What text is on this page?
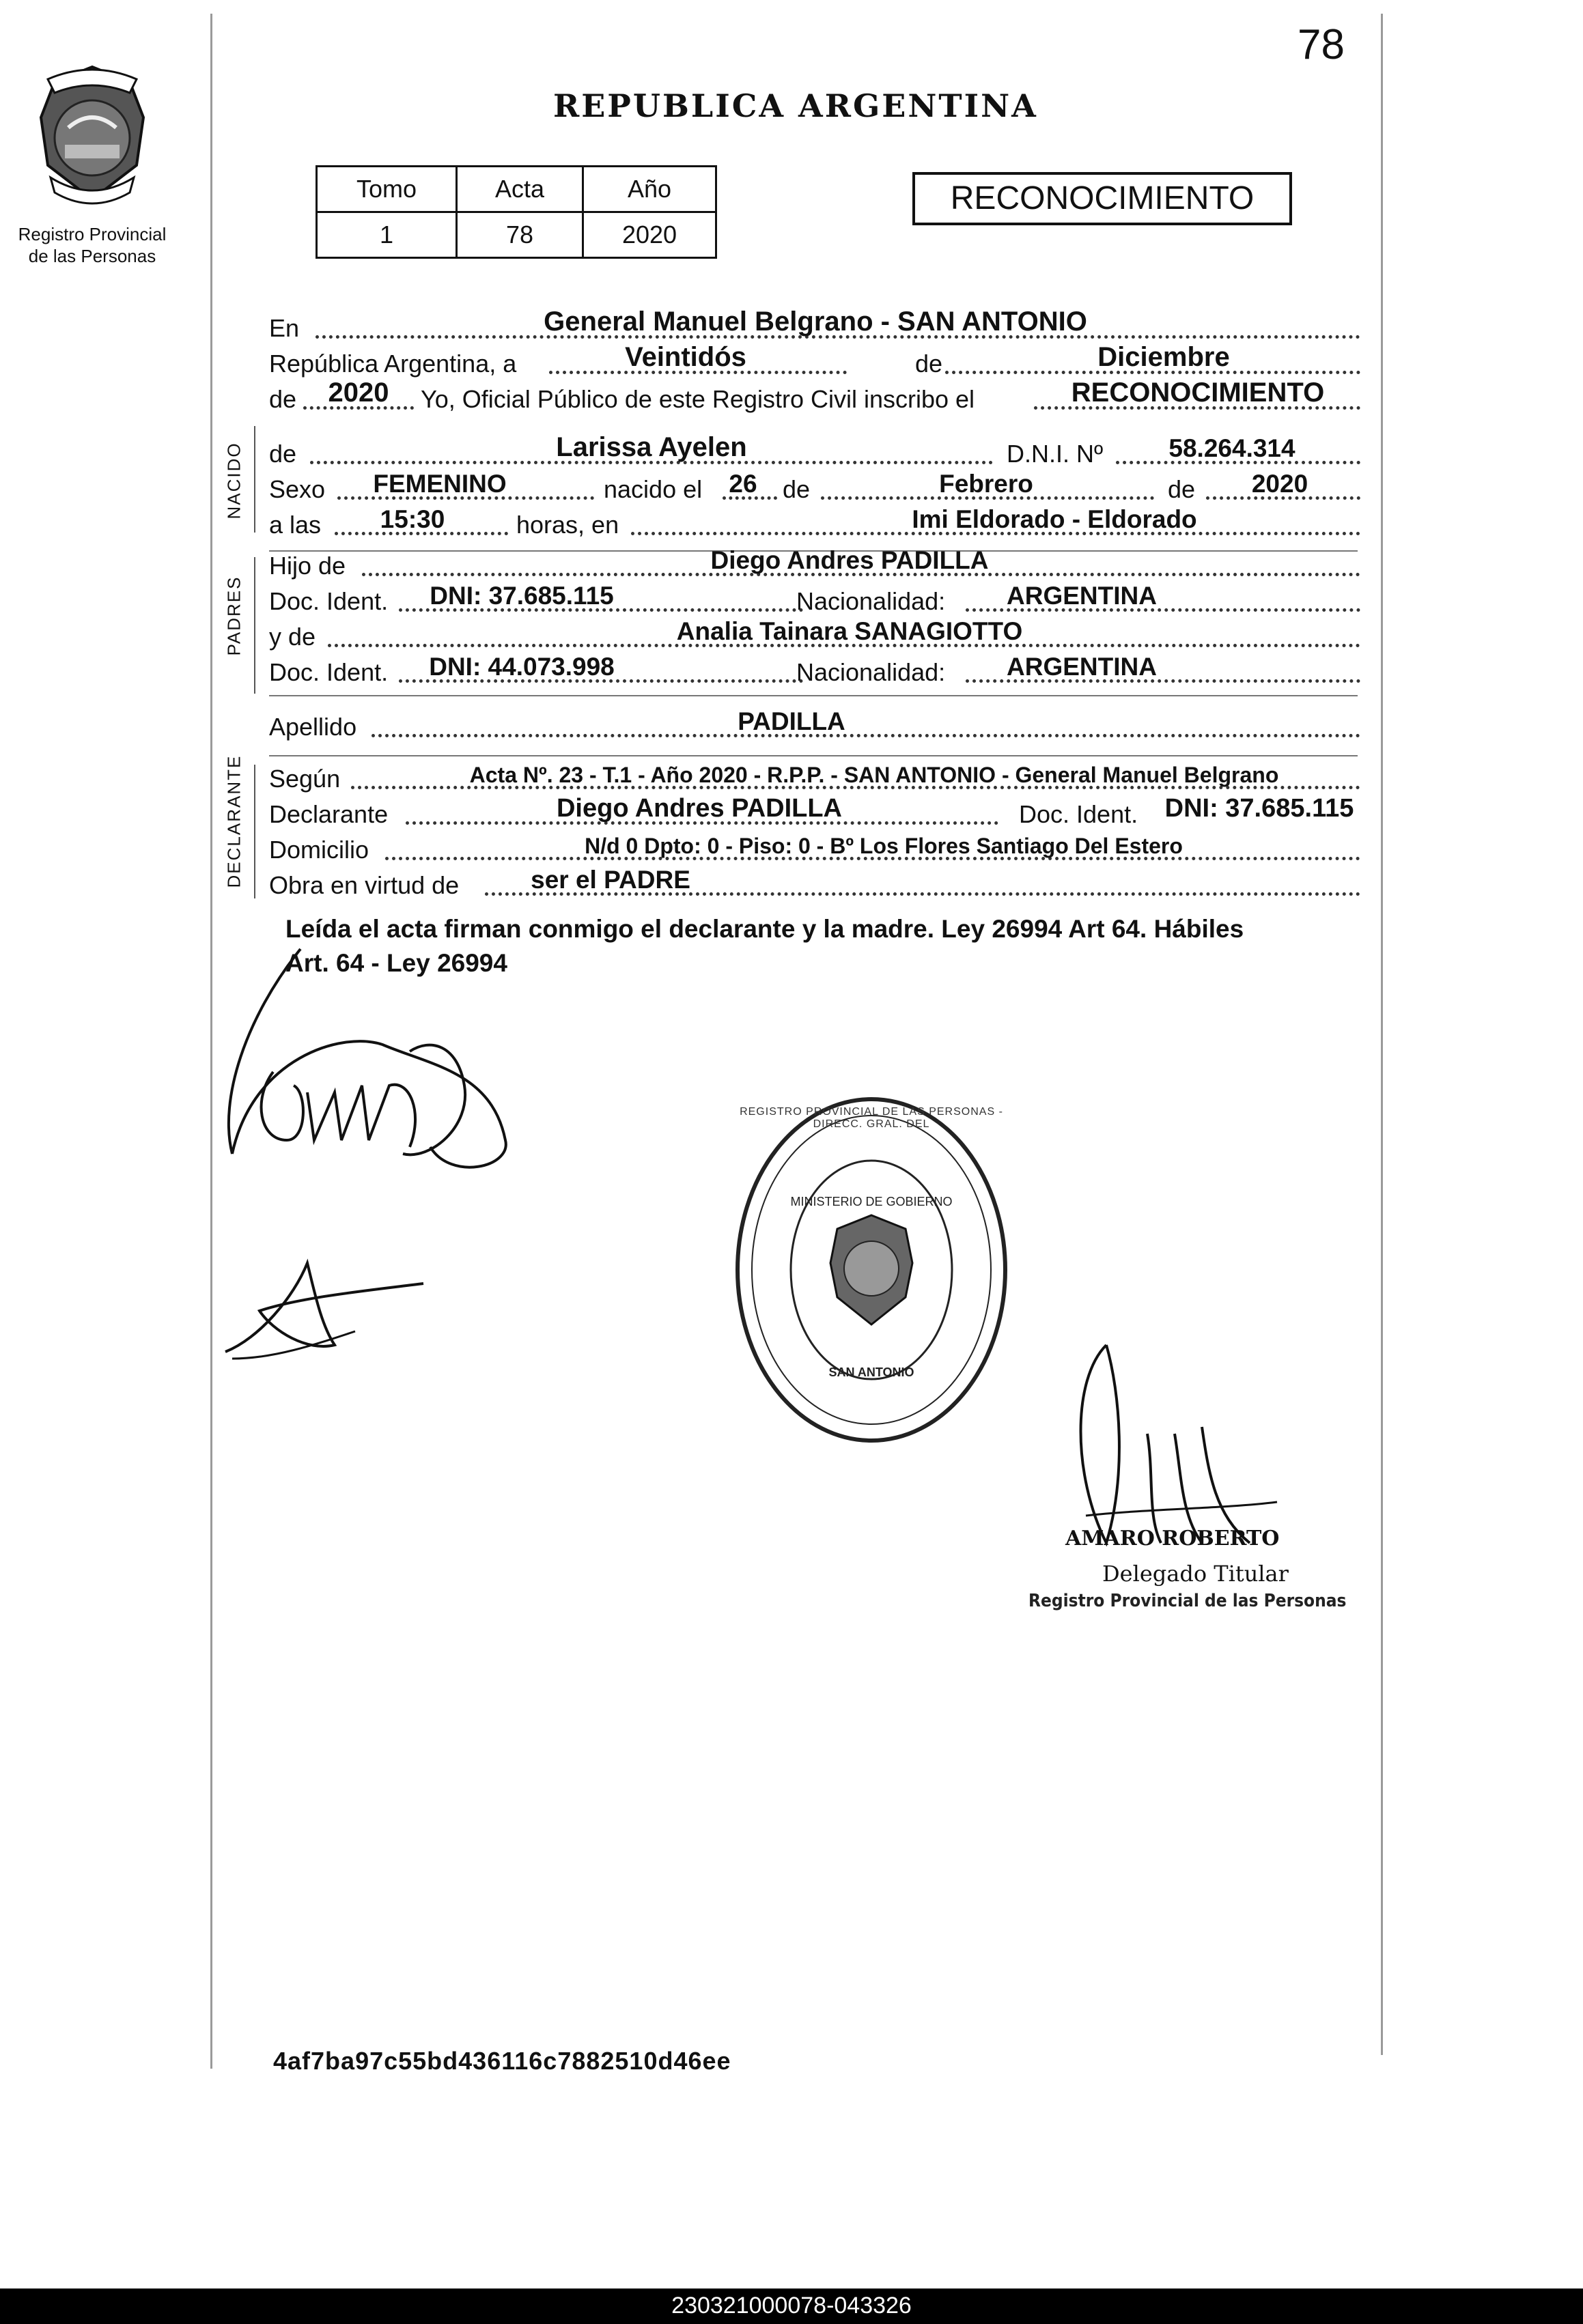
78
Registro Provincial
de las Personas
REPUBLICA ARGENTINA
Tomo	Acta	Año
1	78	2020
RECONOCIMIENTO
En	General Manuel Belgrano - SAN ANTONIO
República Argentina, a	Veintidós	de	Diciembre
de	2020	Yo, Oficial Público de este Registro Civil inscribo el	RECONOCIMIENTO
NACIDO de	Larissa Ayelen	D.N.I. Nº	58.264.314
Sexo	FEMENINO	nacido el 26 de	Febrero	de	2020
a las	15:30	horas, en	Imi Eldorado - Eldorado
PADRES
Hijo de	Diego Andres PADILLA
Doc. Ident.	DNI: 37.685.115	Nacionalidad:	ARGENTINA
y de	Analia Tainara SANAGIOTTO
Doc. Ident.	DNI: 44.073.998	Nacionalidad:	ARGENTINA
Apellido	PADILLA
DECLARANTE Según	Acta Nº. 23 - T.1 - Año 2020 - R.P.P. - SAN ANTONIO - General Manuel Belgrano
Declarante	Diego Andres PADILLA	Doc. Ident.	DNI: 37.685.115
Domicilio	N/d 0 Dpto: 0 - Piso: 0 - Bº Los Flores Santiago Del Estero
Obra en virtud de	ser el PADRE
Leída el acta firman conmigo el declarante y la madre. Ley 26994 Art 64. Hábiles
Art. 64 - Ley 26994
REGISTRO PROVINCIAL DE LAS PERSONAS - DIRECC. GRAL. DEL
MINISTERIO DE GOBIERNO
SAN ANTONIO
AMARO ROBERTO
Delegado Titular
Registro Provincial de las Personas
4af7ba97c55bd436116c7882510d46ee
230321000078-043326
